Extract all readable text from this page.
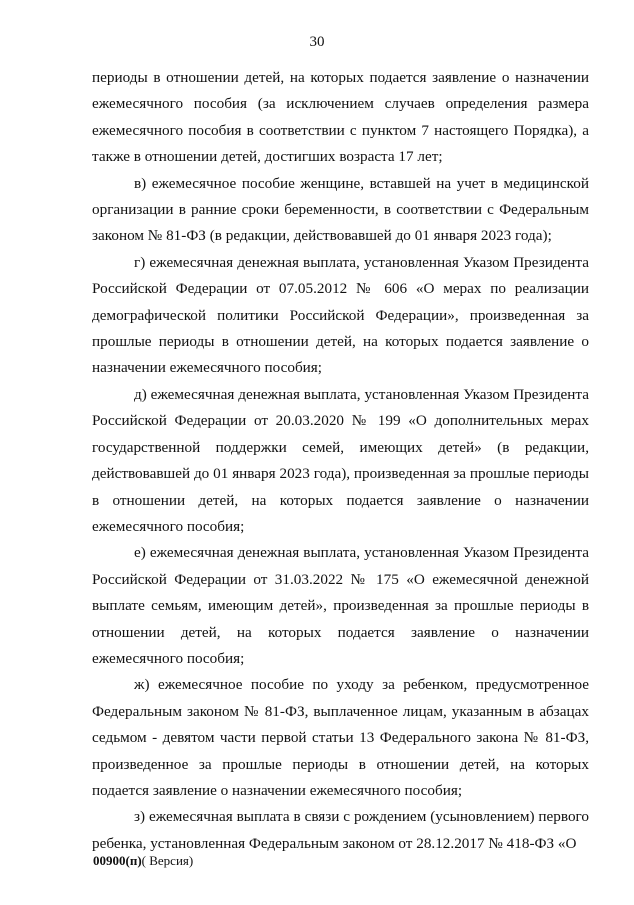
30

периоды в отношении детей, на которых подается заявление о назначении ежемесячного пособия (за исключением случаев определения размера ежемесячного пособия в соответствии с пунктом 7 настоящего Порядка), а также в отношении детей, достигших возраста 17 лет;

в) ежемесячное пособие женщине, вставшей на учет в медицинской организации в ранние сроки беременности, в соответствии с Федеральным законом № 81-ФЗ (в редакции, действовавшей до 01 января 2023 года);

г) ежемесячная денежная выплата, установленная Указом Президента Российской Федерации от 07.05.2012 № 606 «О мерах по реализации демографической политики Российской Федерации», произведенная за прошлые периоды в отношении детей, на которых подается заявление о назначении ежемесячного пособия;

д) ежемесячная денежная выплата, установленная Указом Президента Российской Федерации от 20.03.2020 № 199 «О дополнительных мерах государственной поддержки семей, имеющих детей» (в редакции, действовавшей до 01 января 2023 года), произведенная за прошлые периоды в отношении детей, на которых подается заявление о назначении ежемесячного пособия;

е) ежемесячная денежная выплата, установленная Указом Президента Российской Федерации от 31.03.2022 № 175 «О ежемесячной денежной выплате семьям, имеющим детей», произведенная за прошлые периоды в отношении детей, на которых подается заявление о назначении ежемесячного пособия;

ж) ежемесячное пособие по уходу за ребенком, предусмотренное Федеральным законом № 81-ФЗ, выплаченное лицам, указанным в абзацах седьмом - девятом части первой статьи 13 Федерального закона № 81-ФЗ, произведенное за прошлые периоды в отношении детей, на которых подается заявление о назначении ежемесячного пособия;

з) ежемесячная выплата в связи с рождением (усыновлением) первого ребенка, установленная Федеральным законом от 28.12.2017 № 418-ФЗ «О

00900(п)( Версия)
